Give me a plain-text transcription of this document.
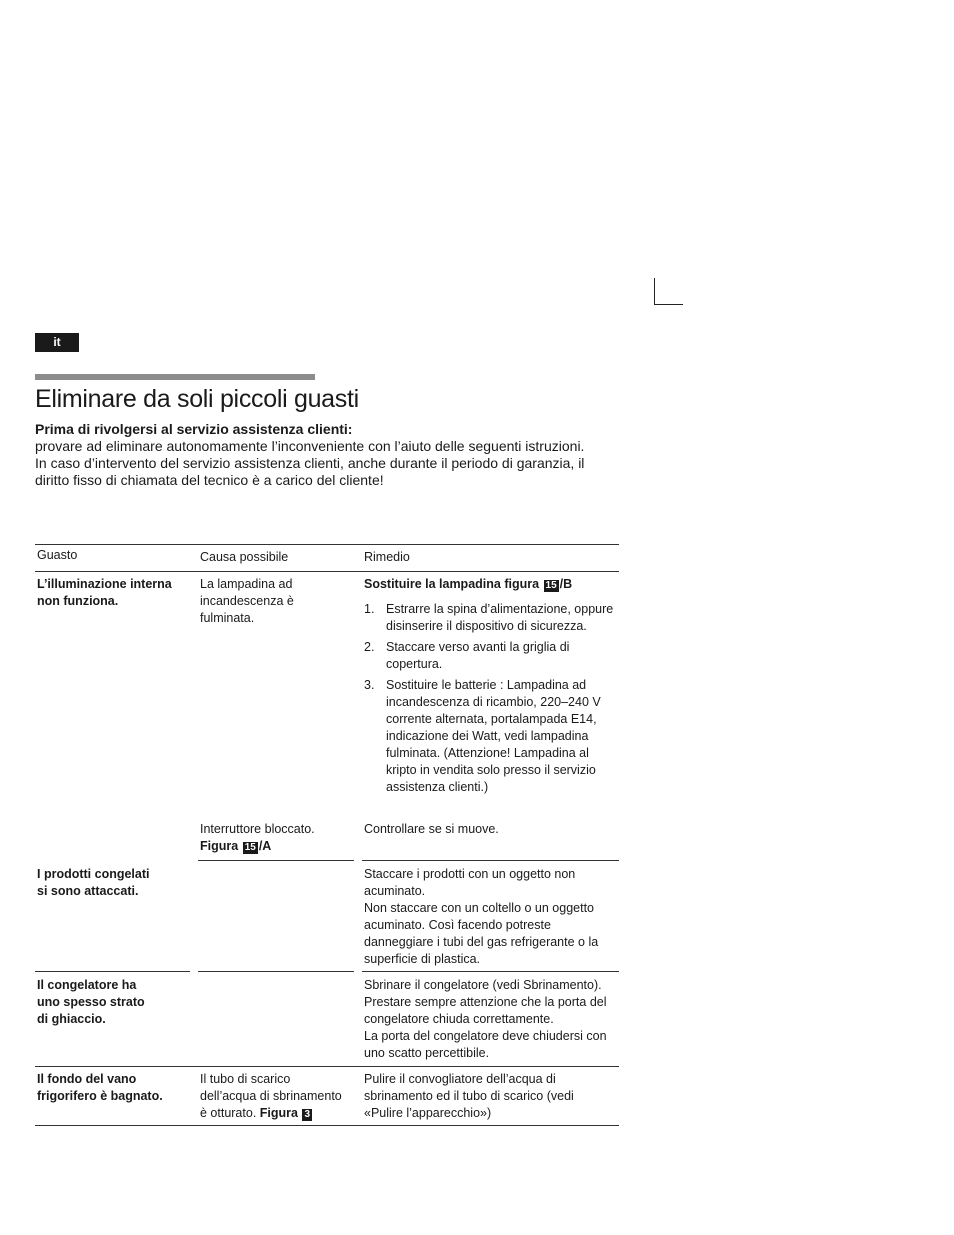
it
Eliminare da soli piccoli guasti

Prima di rivolgersi al servizio assistenza clienti:

provare ad eliminare autonomamente l’inconveniente con l’aiuto delle seguenti istruzioni.

In caso d’intervento del servizio assistenza clienti, anche durante il periodo di garanzia, il diritto fisso di chiamata del tecnico è a carico del cliente!

Guasto	Causa possibile	Rimedio
L’illuminazione interna non funziona.
La lampadina ad incandescenza è fulminata.
Sostituire la lampadina figura 15 /B
1. Estrarre la spina d’alimentazione, oppure disinserire il dispositivo di sicurezza.
2. Staccare verso avanti la griglia di copertura.
3. Sostituire le batterie : Lampadina ad incandescenza di ricambio, 220–240 V corrente alternata, portalampada E14, indicazione dei Watt, vedi lampadina fulminata. (Attenzione! Lampadina al kripto in vendita solo presso il servizio assistenza clienti.)
Interruttore bloccato.
Figura 15 /A
Controllare se si muove.
I prodotti congelati si sono attaccati.
Staccare i prodotti con un oggetto non acuminato.
Non staccare con un coltello o un oggetto acuminato. Così facendo potreste danneggiare i tubi del gas refrigerante o la superficie di plastica.
Il congelatore ha uno spesso strato di ghiaccio.
Sbrinare il congelatore (vedi Sbrinamento). Prestare sempre attenzione che la porta del congelatore chiuda correttamente.
La porta del congelatore deve chiudersi con uno scatto percettibile.
Il fondo del vano frigorifero è bagnato.
Il tubo di scarico dell’acqua di sbrinamento è otturato. Figura 3
Pulire il convogliatore dell’acqua di sbrinamento ed il tubo di scarico (vedi «Pulire l’apparecchio»)
